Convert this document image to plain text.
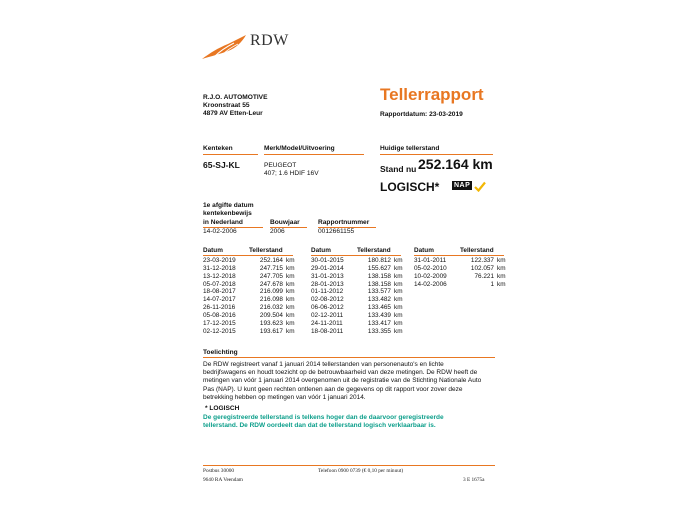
RDW
R.J.O. AUTOMOTIVE
Kroonstraat 55
4879 AV Etten-Leur
Tellerrapport
Rapportdatum: 23-03-2019
Kenteken	Merk/Model/Uitvoering	Huidige tellerstand
65-SJ-KL	PEUGEOT
407; 1.6 HDIF 16V	Stand nu 252.164 km
LOGISCH* NAP
1e afgifte datum
kentekenbewijs
in Nederland	Bouwjaar	Rapportnummer
14-02-2006	2006	0012661155
Datum	Tellerstand
23-03-2019	252.164 km
31-12-2018	247.715 km
13-12-2018	247.705 km
05-07-2018	247.678 km
18-08-2017	216.099 km
14-07-2017	216.098 km
26-11-2016	216.032 km
05-08-2016	209.504 km
17-12-2015	193.623 km
02-12-2015	193.617 km
Datum	Tellerstand
30-01-2015	180.812 km
29-01-2014	155.627 km
31-01-2013	138.158 km
28-01-2013	138.158 km
01-11-2012	133.577 km
02-08-2012	133.482 km
06-06-2012	133.465 km
02-12-2011	133.439 km
24-11-2011	133.417 km
18-08-2011	133.355 km
Datum	Tellerstand
31-01-2011	122.337 km
05-02-2010	102.057 km
10-02-2009	76.221 km
14-02-2006	1 km
Toelichting
De RDW registreert vanaf 1 januari 2014 tellerstanden van personenauto's en lichte
bedrijfswagens en houdt toezicht op de betrouwbaarheid van deze metingen. De RDW heeft de
metingen van vóór 1 januari 2014 overgenomen uit de registratie van de Stichting Nationale Auto
Pas (NAP). U kunt geen rechten ontlenen aan de gegevens op dit rapport voor zover deze
betrekking hebben op metingen van vóór 1 januari 2014.
* LOGISCH
De geregistreerde tellerstand is telkens hoger dan de daarvoor geregistreerde
tellerstand. De RDW oordeelt dan dat de tellerstand logisch verklaarbaar is.
Postbus 30000
9640 RA Veendam
Telefoon 0900 0739 (€ 0,10 per minuut)
3 E 1675a
